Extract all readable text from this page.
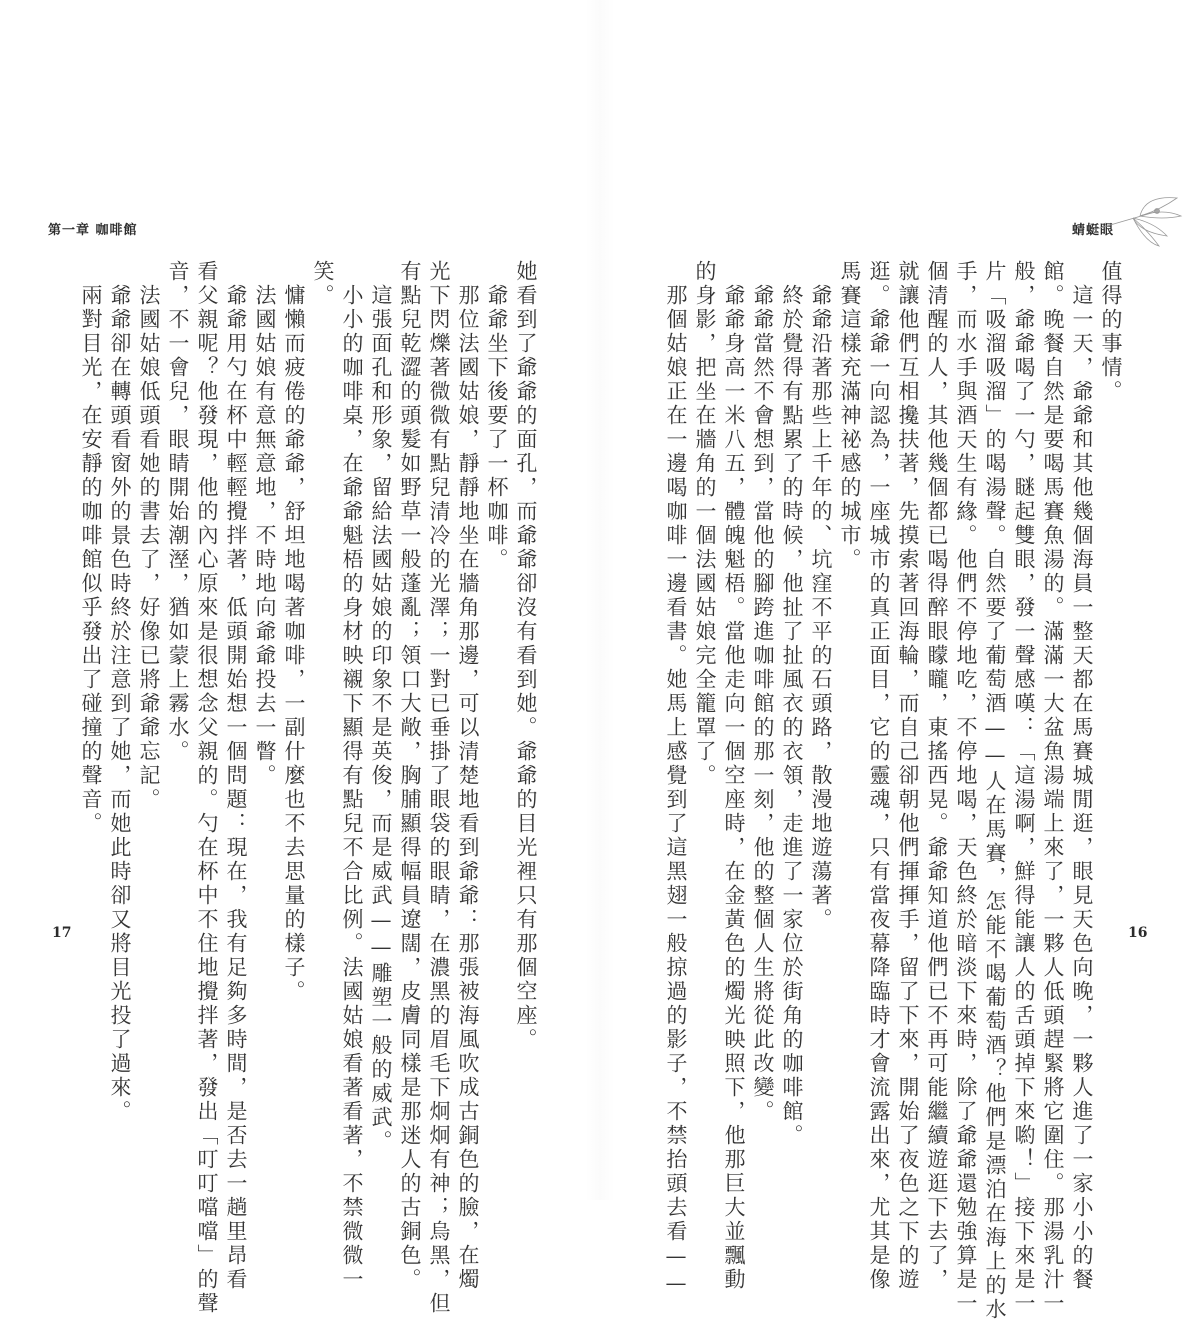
第一章 咖啡館
她看到了爺爺的面孔，而爺爺卻沒有看到她。爺爺的目光裡只有那個空座。
　爺爺坐下後要了一杯咖啡。
　那位法國姑娘，靜靜地坐在牆角那邊，可以清楚地看到爺爺：那張被海風吹成古銅色的臉，在燭
光下閃爍著微微有點兒清冷的光澤；一對已垂掛了眼袋的眼睛，在濃黑的眉毛下炯炯有神；烏黑，但
有點兒乾澀的頭髮如野草一般蓬亂；領口大敞，胸脯顯得幅員遼闊，皮膚同樣是那迷人的古銅色。
　這張面孔和形象，留給法國姑娘的印象不是英俊，而是威武——雕塑一般的威武。
　小小的咖啡桌，在爺爺魁梧的身材映襯下顯得有點兒不合比例。法國姑娘看著看著，不禁微微一
笑。
　慵懶而疲倦的爺爺，舒坦地喝著咖啡，一副什麼也不去思量的樣子。
　法國姑娘有意無意地，不時地向爺爺投去一瞥。
　爺爺用勺在杯中輕輕攪拌著，低頭開始想一個問題：現在，我有足夠多時間，是否去一趟里昂看
看父親呢？他發現，他的內心原來是很想念父親的。勺在杯中不住地攪拌著，發出「叮叮噹噹」的聲
音，不一會兒，眼睛開始潮溼，猶如蒙上霧水。
　法國姑娘低頭看她的書去了，好像已將爺爺忘記。
　爺爺卻在轉頭看窗外的景色時終於注意到了她，而她此時卻又將目光投了過來。
　兩對目光，在安靜的咖啡館似乎發出了碰撞的聲音。
17
蜻蜓眼
值得的事情。
　這一天，爺爺和其他幾個海員一整天都在馬賽城閒逛，眼見天色向晚，一夥人進了一家小小的餐
館。晚餐自然是要喝馬賽魚湯的。滿滿一大盆魚湯端上來了，一夥人低頭趕緊將它圍住。那湯乳汁一
般，爺爺喝了一勺，瞇起雙眼，發一聲感嘆：「這湯啊，鮮得能讓人的舌頭掉下來喲！」接下來是一
片「吸溜吸溜」的喝湯聲。自然要了葡萄酒——人在馬賽，怎能不喝葡萄酒？他們是漂泊在海上的水
手，而水手與酒天生有緣。他們不停地吃，不停地喝，天色終於暗淡下來時，除了爺爺還勉強算是一
個清醒的人，其他幾個都已喝得醉眼矇矓，東搖西晃。爺爺知道他們已不再可能繼續遊逛下去了，
就讓他們互相攙扶著，先摸索著回海輪，而自己卻朝他們揮揮手，留了下來，開始了夜色之下的遊
逛。爺爺一向認為，一座城市的真正面目，它的靈魂，只有當夜幕降臨時才會流露出來，尤其是像
馬賽這樣充滿神祕感的城市。
　爺爺沿著那些上千年的、坑窪不平的石頭路，散漫地遊蕩著。
　終於覺得有點累了的時候，他扯了扯風衣的衣領，走進了一家位於街角的咖啡館。
　爺爺當然不會想到，當他的腳跨進咖啡館的那一刻，他的整個人生將從此改變。
　爺爺身高一米八五，體魄魁梧。當他走向一個空座時，在金黃色的燭光映照下，他那巨大並飄動
的身影，把坐在牆角的一個法國姑娘完全籠罩了。
　那個姑娘正在一邊喝咖啡一邊看書。她馬上感覺到了這黑翅一般掠過的影子，不禁抬頭去看——	16
